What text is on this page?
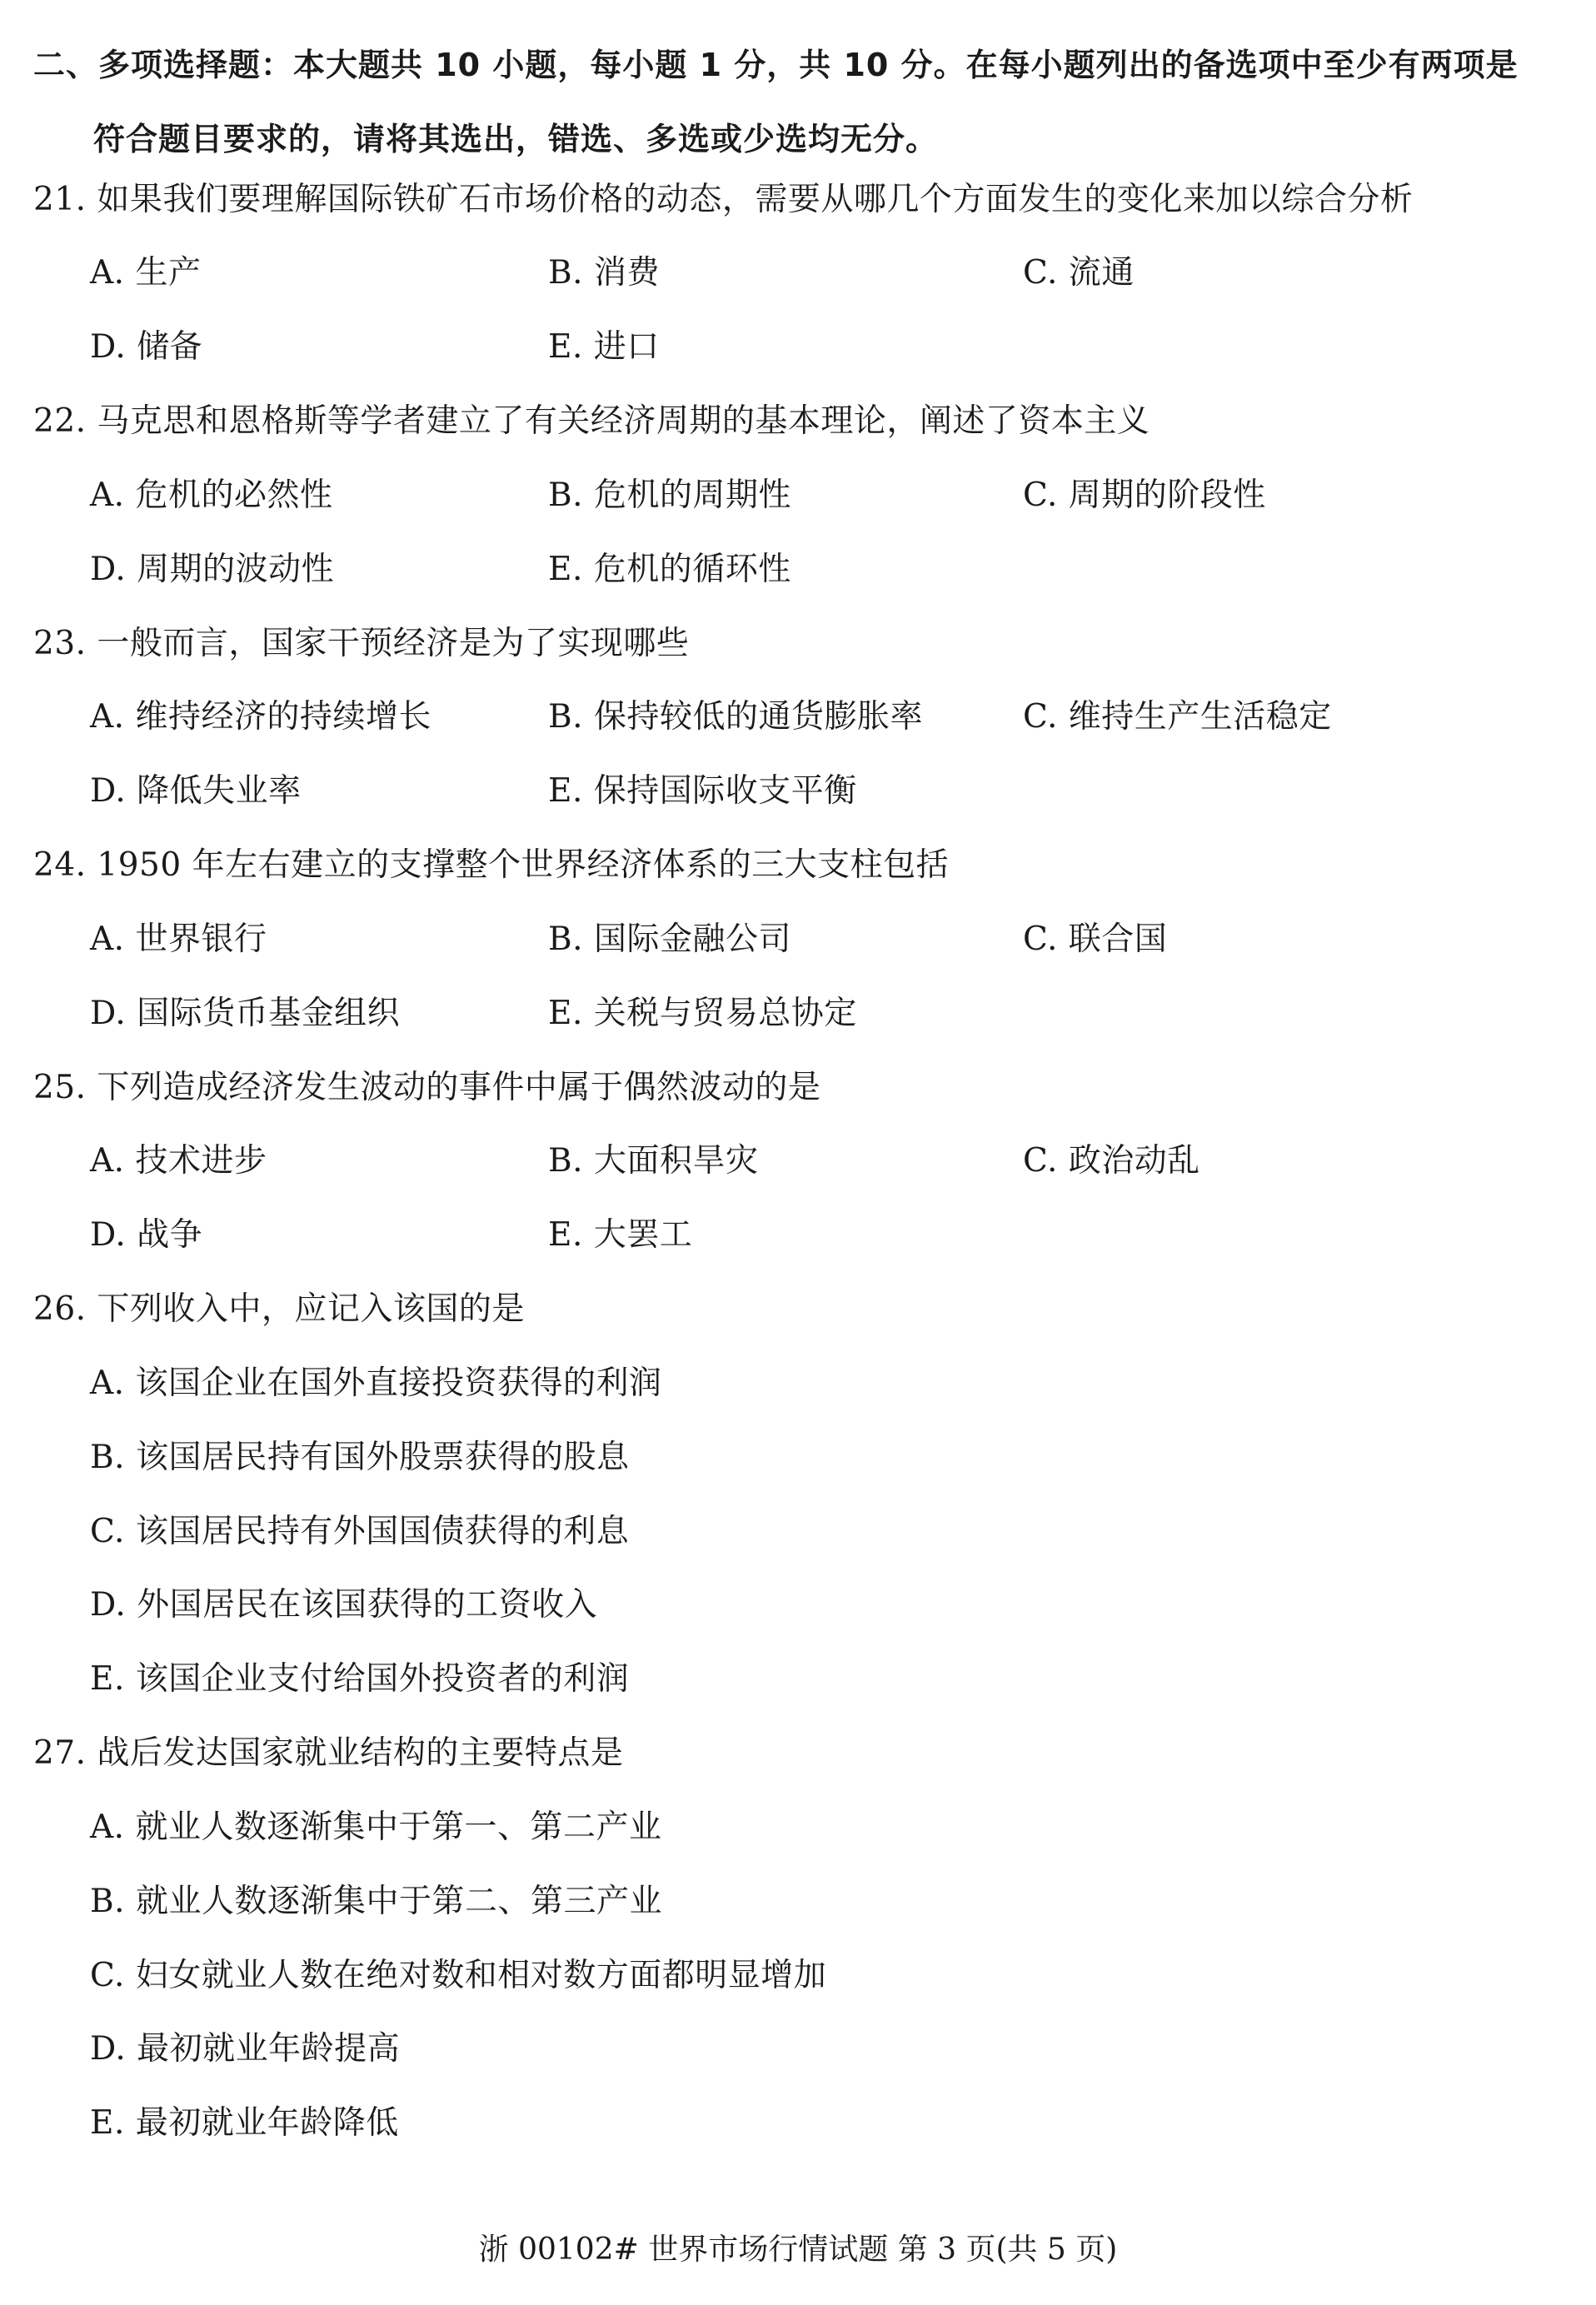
二、多项选择题：本大题共 10 小题，每小题 1 分，共 10 分。在每小题列出的备选项中至少有两项是
符合题目要求的，请将其选出，错选、多选或少选均无分。
21. 如果我们要理解国际铁矿石市场价格的动态，需要从哪几个方面发生的变化来加以综合分析
A. 生产	B. 消费	C. 流通
D. 储备	E. 进口
22. 马克思和恩格斯等学者建立了有关经济周期的基本理论，阐述了资本主义
A. 危机的必然性	B. 危机的周期性	C. 周期的阶段性
D. 周期的波动性	E. 危机的循环性
23. 一般而言，国家干预经济是为了实现哪些
A. 维持经济的持续增长	B. 保持较低的通货膨胀率	C. 维持生产生活稳定
D. 降低失业率	E. 保持国际收支平衡
24. 1950 年左右建立的支撑整个世界经济体系的三大支柱包括
A. 世界银行	B. 国际金融公司	C. 联合国
D. 国际货币基金组织	E. 关税与贸易总协定
25. 下列造成经济发生波动的事件中属于偶然波动的是
A. 技术进步	B. 大面积旱灾	C. 政治动乱
D. 战争	E. 大罢工
26. 下列收入中，应记入该国的是
A. 该国企业在国外直接投资获得的利润
B. 该国居民持有国外股票获得的股息
C. 该国居民持有外国国债获得的利息
D. 外国居民在该国获得的工资收入
E. 该国企业支付给国外投资者的利润
27. 战后发达国家就业结构的主要特点是
A. 就业人数逐渐集中于第一、第二产业
B. 就业人数逐渐集中于第二、第三产业
C. 妇女就业人数在绝对数和相对数方面都明显增加
D. 最初就业年龄提高
E. 最初就业年龄降低
浙 00102# 世界市场行情试题 第 3 页(共 5 页)
